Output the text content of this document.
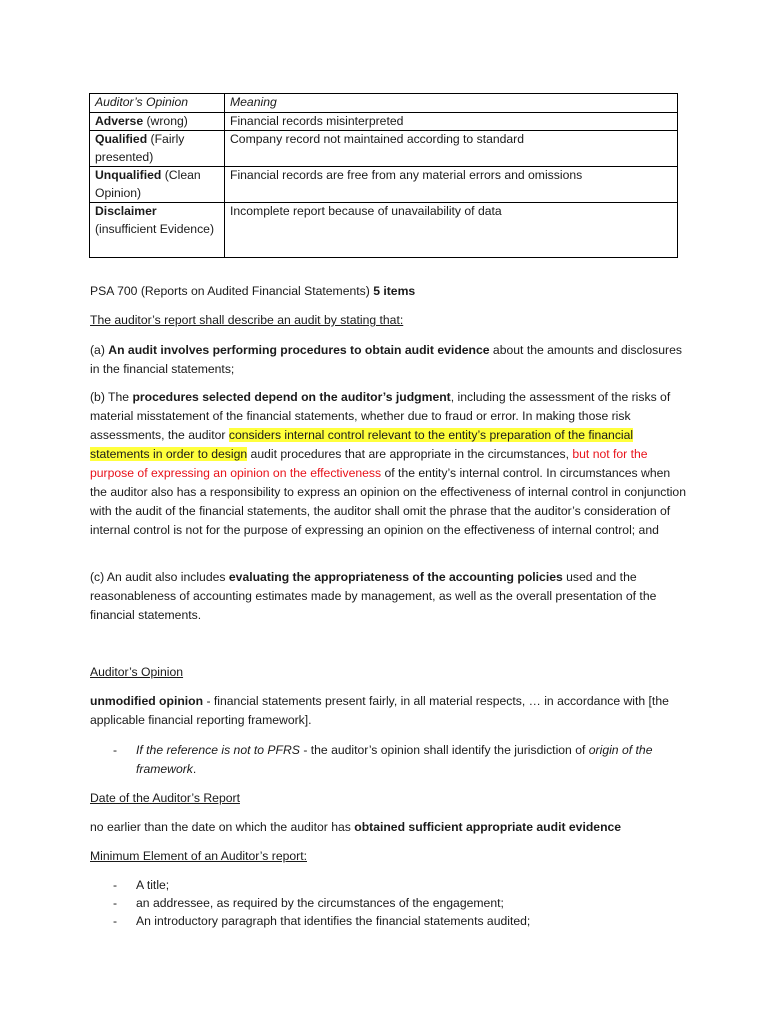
Auditor’s Opinion	Meaning
Adverse (wrong)	Financial records misinterpreted
Qualified (Fairly presented)	Company record not maintained according to standard
Unqualified (Clean Opinion)	Financial records are free from any material errors and omissions
Disclaimer (insufficient Evidence)	Incomplete report because of unavailability of data

PSA 700 (Reports on Audited Financial Statements) 5 items

The auditor’s report shall describe an audit by stating that:

(a) An audit involves performing procedures to obtain audit evidence about the amounts and disclosures in the financial statements;

(b) The procedures selected depend on the auditor’s judgment, including the assessment of the risks of material misstatement of the financial statements, whether due to fraud or error. In making those risk assessments, the auditor considers internal control relevant to the entity’s preparation of the financial statements in order to design audit procedures that are appropriate in the circumstances, but not for the purpose of expressing an opinion on the effectiveness of the entity’s internal control. In circumstances when the auditor also has a responsibility to express an opinion on the effectiveness of internal control in conjunction with the audit of the financial statements, the auditor shall omit the phrase that the auditor’s consideration of internal control is not for the purpose of expressing an opinion on the effectiveness of internal control; and

(c) An audit also includes evaluating the appropriateness of the accounting policies used and the reasonableness of accounting estimates made by management, as well as the overall presentation of the financial statements.

Auditor’s Opinion

unmodified opinion - financial statements present fairly, in all material respects, … in accordance with [the applicable financial reporting framework].

- If the reference is not to PFRS - the auditor’s opinion shall identify the jurisdiction of origin of the framework.

Date of the Auditor’s Report

no earlier than the date on which the auditor has obtained sufficient appropriate audit evidence

Minimum Element of an Auditor’s report:

- A title;

- an addressee, as required by the circumstances of the engagement;

- An introductory paragraph that identifies the financial statements audited;
